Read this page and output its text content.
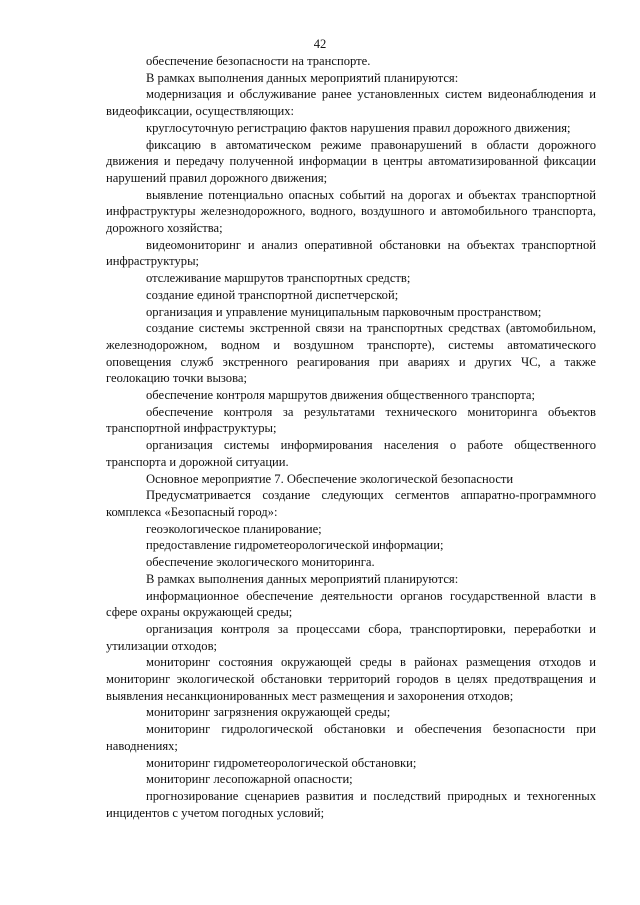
42

обеспечение безопасности на транспорте.

В рамках выполнения данных мероприятий планируются:

модернизация и обслуживание ранее установленных систем видеонаблюдения и видеофиксации, осуществляющих:

круглосуточную регистрацию фактов нарушения правил дорожного движения;

фиксацию в автоматическом режиме правонарушений в области дорожного движения и передачу полученной информации в центры автоматизированной фиксации нарушений правил дорожного движения;

выявление потенциально опасных событий на дорогах и объектах транспортной инфраструктуры железнодорожного, водного, воздушного и автомобильного транспорта, дорожного хозяйства;

видеомониторинг и анализ оперативной обстановки на объектах транспортной инфраструктуры;

отслеживание маршрутов транспортных средств;

создание единой транспортной диспетчерской;

организация и управление муниципальным парковочным пространством;

создание системы экстренной связи на транспортных средствах (автомобильном, железнодорожном, водном и воздушном транспорте), системы автоматического оповещения служб экстренного реагирования при авариях и других ЧС, а также геолокацию точки вызова;

обеспечение контроля маршрутов движения общественного транспорта;

обеспечение контроля за результатами технического мониторинга объектов транспортной инфраструктуры;

организация системы информирования населения о работе общественного транспорта и дорожной ситуации.

Основное мероприятие 7. Обеспечение экологической безопасности

Предусматривается создание следующих сегментов аппаратно-программного комплекса «Безопасный город»:

геоэкологическое планирование;

предоставление гидрометеорологической информации;

обеспечение экологического мониторинга.

В рамках выполнения данных мероприятий планируются:

информационное обеспечение деятельности органов государственной власти в сфере охраны окружающей среды;

организация контроля за процессами сбора, транспортировки, переработки и утилизации отходов;

мониторинг состояния окружающей среды в районах размещения отходов и мониторинг экологической обстановки территорий городов в целях предотвращения и выявления несанкционированных мест размещения и захоронения отходов;

мониторинг загрязнения окружающей среды;

мониторинг гидрологической обстановки и обеспечения безопасности при наводнениях;

мониторинг гидрометеорологической обстановки;

мониторинг лесопожарной опасности;

прогнозирование сценариев развития и последствий природных и техногенных инцидентов с учетом погодных условий;
